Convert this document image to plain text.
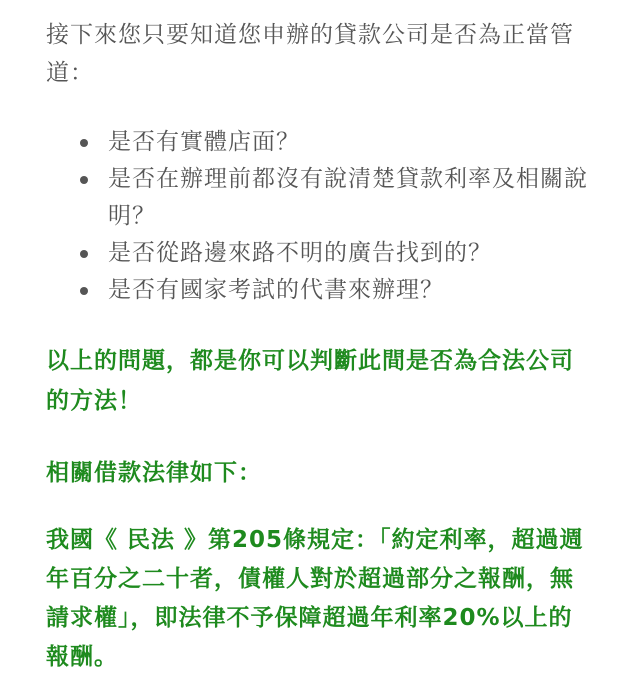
接下來您只要知道您申辦的貸款公司是否為正當管道：

是否有實體店面？
是否在辦理前都沒有說清楚貸款利率及相關說明？
是否從路邊來路不明的廣告找到的？
是否有國家考試的代書來辦理？

以上的問題，都是你可以判斷此間是否為合法公司的方法！

相關借款法律如下：

我國《 民法 》第205條規定：「約定利率，超過週年百分之二十者，債權人對於超過部分之報酬，無請求權」，即法律不予保障超過年利率20%以上的報酬。
